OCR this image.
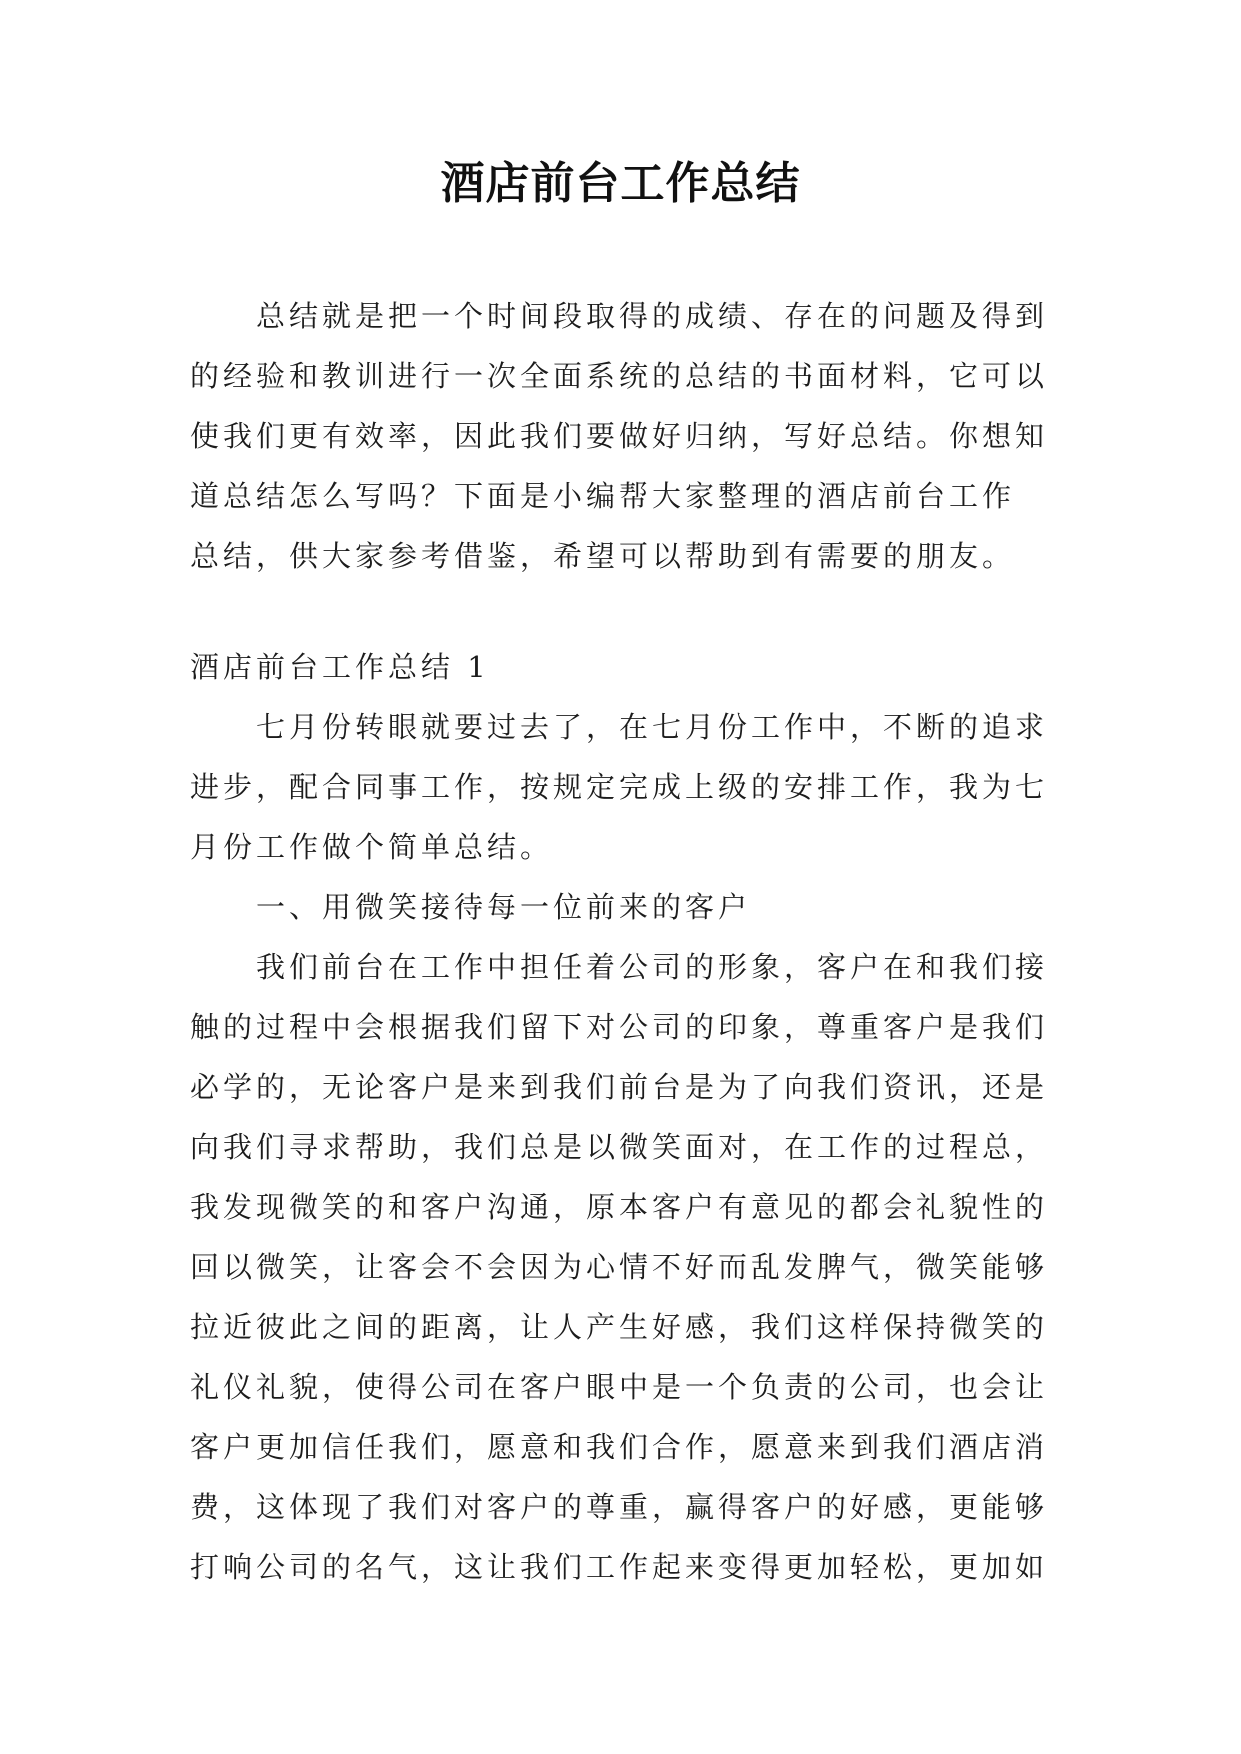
酒店前台工作总结
总结就是把一个时间段取得的成绩、存在的问题及得到
的经验和教训进行一次全面系统的总结的书面材料，它可以
使我们更有效率，因此我们要做好归纳，写好总结。你想知
道总结怎么写吗？下面是小编帮大家整理的酒店前台工作
总结，供大家参考借鉴，希望可以帮助到有需要的朋友。
酒店前台工作总结 1
七月份转眼就要过去了，在七月份工作中，不断的追求
进步，配合同事工作，按规定完成上级的安排工作，我为七
月份工作做个简单总结。
一、用微笑接待每一位前来的客户
我们前台在工作中担任着公司的形象，客户在和我们接
触的过程中会根据我们留下对公司的印象，尊重客户是我们
必学的，无论客户是来到我们前台是为了向我们资讯，还是
向我们寻求帮助，我们总是以微笑面对，在工作的过程总，
我发现微笑的和客户沟通，原本客户有意见的都会礼貌性的
回以微笑，让客会不会因为心情不好而乱发脾气，微笑能够
拉近彼此之间的距离，让人产生好感，我们这样保持微笑的
礼仪礼貌，使得公司在客户眼中是一个负责的公司，也会让
客户更加信任我们，愿意和我们合作，愿意来到我们酒店消
费，这体现了我们对客户的尊重，赢得客户的好感，更能够
打响公司的名气，这让我们工作起来变得更加轻松，更加如
